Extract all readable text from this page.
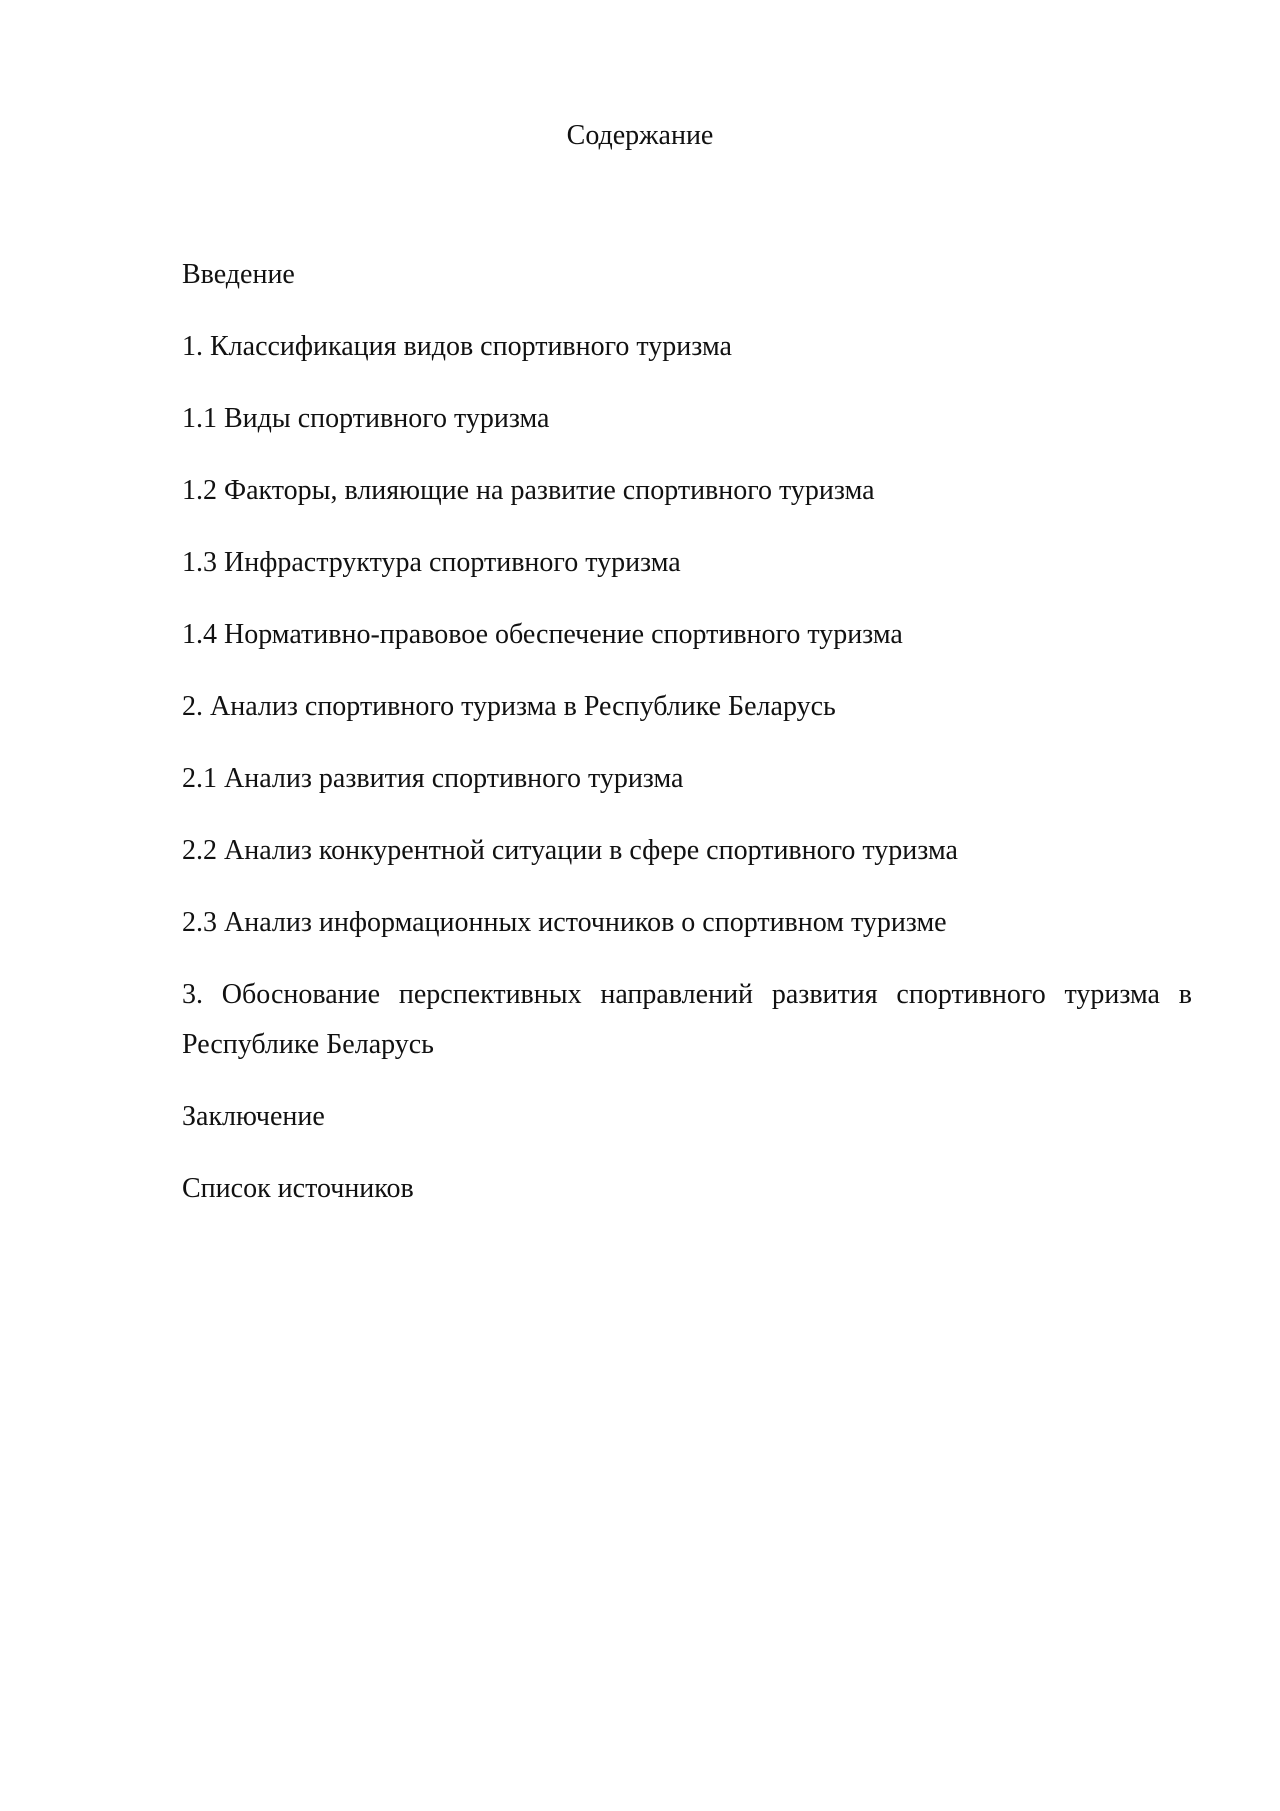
Содержание
Введение
1. Классификация видов спортивного туризма
1.1 Виды спортивного туризма
1.2 Факторы, влияющие на развитие спортивного туризма
1.3 Инфраструктура спортивного туризма
1.4 Нормативно-правовое обеспечение спортивного туризма
2. Анализ спортивного туризма в Республике Беларусь
2.1 Анализ развития спортивного туризма
2.2 Анализ конкурентной ситуации в сфере спортивного туризма
2.3 Анализ информационных источников о спортивном туризме
3. Обоснование перспективных направлений развития спортивного туризма в Республике Беларусь
Заключение
Список источников
